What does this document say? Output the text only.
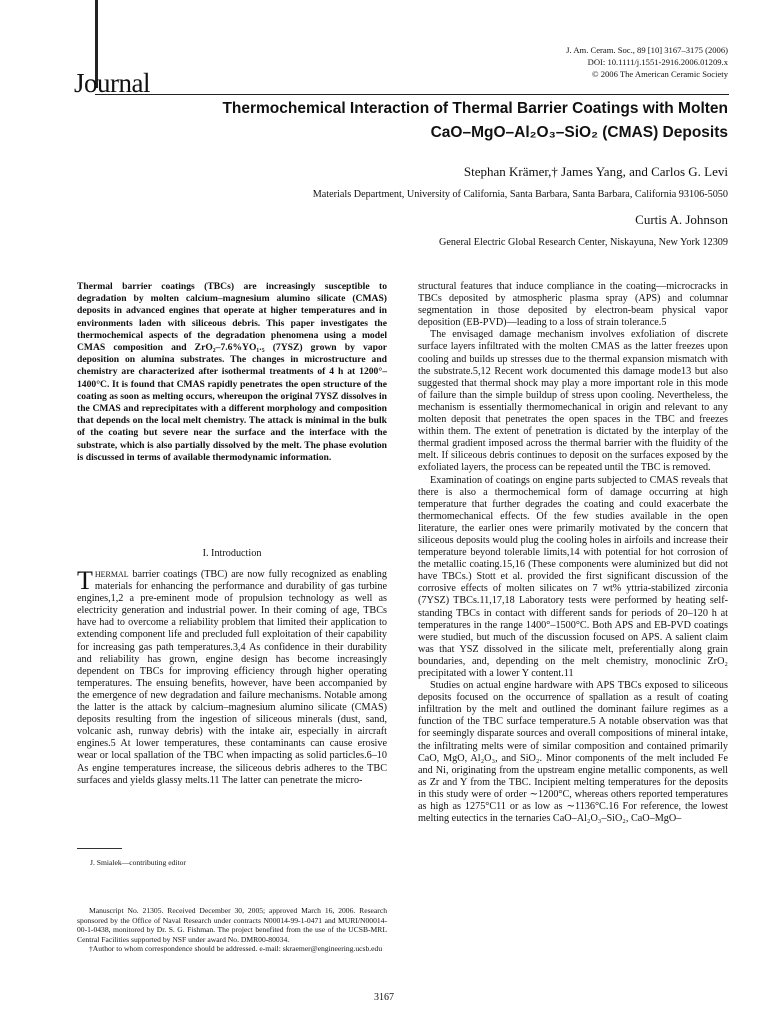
Journal
J. Am. Ceram. Soc., 89 [10] 3167–3175 (2006)
DOI: 10.1111/j.1551-2916.2006.01209.x
© 2006 The American Ceramic Society
Thermochemical Interaction of Thermal Barrier Coatings with Molten
CaO–MgO–Al₂O₃–SiO₂ (CMAS) Deposits
Stephan Krämer,† James Yang, and Carlos G. Levi
Materials Department, University of California, Santa Barbara, Santa Barbara, California 93106-5050
Curtis A. Johnson
General Electric Global Research Center, Niskayuna, New York 12309
Thermal barrier coatings (TBCs) are increasingly susceptible to degradation by molten calcium–magnesium alumino silicate (CMAS) deposits in advanced engines that operate at higher temperatures and in environments laden with siliceous debris. This paper investigates the thermochemical aspects of the degradation phenomena using a model CMAS composition and ZrO₂–7.6%YO₁.₅ (7YSZ) grown by vapor deposition on alumina substrates. The changes in microstructure and chemistry are characterized after isothermal treatments of 4 h at 1200°–1400°C. It is found that CMAS rapidly penetrates the open structure of the coating as soon as melting occurs, whereupon the original 7YSZ dissolves in the CMAS and reprecipitates with a different morphology and composition that depends on the local melt chemistry. The attack is minimal in the bulk of the coating but severe near the surface and the interface with the substrate, which is also partially dissolved by the melt. The phase evolution is discussed in terms of available thermodynamic information.
I. Introduction
THERMAL barrier coatings (TBC) are now fully recognized as enabling materials for enhancing the performance and durability of gas turbine engines,1,2 a pre-eminent mode of propulsion technology as well as electricity generation and industrial power. In their coming of age, TBCs have had to overcome a reliability problem that limited their application to extending component life and precluded full exploitation of their capability for increasing gas path temperatures.3,4 As confidence in their durability and reliability has grown, engine design has become increasingly dependent on TBCs for improving efficiency through higher operating temperatures. The ensuing benefits, however, have been accompanied by the emergence of new degradation and failure mechanisms. Notable among the latter is the attack by calcium–magnesium alumino silicate (CMAS) deposits resulting from the ingestion of siliceous minerals (dust, sand, volcanic ash, runway debris) with the intake air, especially in aircraft engines.5 At lower temperatures, these contaminants can cause erosive wear or local spallation of the TBC when impacting as solid particles.6–10 As engine temperatures increase, the siliceous debris adheres to the TBC surfaces and yields glassy melts.11 The latter can penetrate the micro-
J. Smialek—contributing editor

Manuscript No. 21305. Received December 30, 2005; approved March 16, 2006. Research sponsored by the Office of Naval Research under contracts N00014-99-1-0471 and MURI/N00014-00-1-0438, monitored by Dr. S. G. Fishman. The project benefited from the use of the UCSB-MRL Central Facilities supported by NSF under award No. DMR00-80034.

†Author to whom correspondence should be addressed. e-mail: skraemer@engineering.ucsb.edu

structural features that induce compliance in the coating—microcracks in TBCs deposited by atmospheric plasma spray (APS) and columnar segmentation in those deposited by electron-beam physical vapor deposition (EB-PVD)—leading to a loss of strain tolerance.5

The envisaged damage mechanism involves exfoliation of discrete surface layers infiltrated with the molten CMAS as the latter freezes upon cooling and builds up stresses due to the thermal expansion mismatch with the substrate.5,12 Recent work documented this damage mode13 but also suggested that thermal shock may play a more important role in this mode of failure than the simple buildup of stress upon cooling. Nevertheless, the mechanism is essentially thermomechanical in origin and relevant to any molten deposit that penetrates the open spaces in the TBC and freezes within them. The extent of penetration is dictated by the interplay of the thermal gradient imposed across the thermal barrier with the fluidity of the melt. If siliceous debris continues to deposit on the surfaces exposed by the exfoliated layers, the process can be repeated until the TBC is removed.

Examination of coatings on engine parts subjected to CMAS reveals that there is also a thermochemical form of damage occurring at high temperature that further degrades the coating and could exacerbate the thermomechanical effects. Of the few studies available in the open literature, the earlier ones were primarily motivated by the concern that siliceous deposits would plug the cooling holes in airfoils and increase their temperature beyond tolerable limits,14 with potential for hot corrosion of the metallic coating.15,16 (These components were aluminized but did not have TBCs.) Stott et al. provided the first significant discussion of the corrosive effects of molten silicates on 7 wt% yttria-stabilized zirconia (7YSZ) TBCs.11,17,18 Laboratory tests were performed by heating self-standing TBCs in contact with different sands for periods of 20–120 h at temperatures in the range 1400°–1500°C. Both APS and EB-PVD coatings were studied, but much of the discussion focused on APS. A salient claim was that YSZ dissolved in the silicate melt, preferentially along grain boundaries, and, depending on the melt chemistry, monoclinic ZrO₂ precipitated with a lower Y content.11

Studies on actual engine hardware with APS TBCs exposed to siliceous deposits focused on the occurrence of spallation as a result of coating infiltration by the melt and outlined the dominant failure regimes as a function of the TBC surface temperature.5 A notable observation was that for seemingly disparate sources and overall compositions of mineral intake, the infiltrating melts were of similar composition and contained primarily CaO, MgO, Al₂O₃, and SiO₂. Minor components of the melt included Fe and Ni, originating from the upstream engine metallic components, as well as Zr and Y from the TBC. Incipient melting temperatures for the deposits in this study were of order ∼1200°C, whereas others reported temperatures as high as 1275°C11 or as low as ∼1136°C.16 For reference, the lowest melting eutectics in the ternaries CaO–Al₂O₃–SiO₂, CaO–MgO–

3167
